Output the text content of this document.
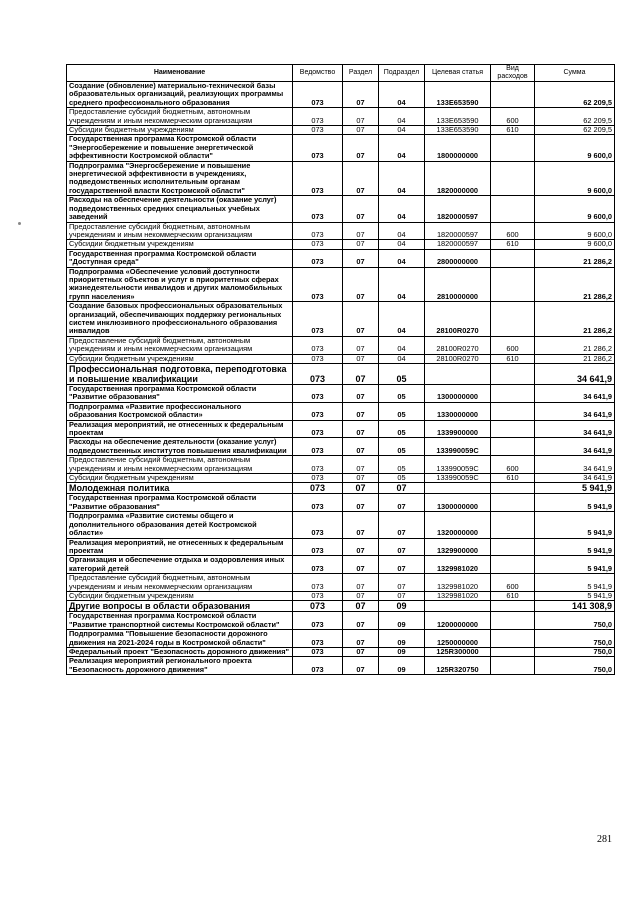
Наименование	Ведомство	Раздел	Подраздел	Целевая статья	Вид расходов	Сумма
Создание (обновление) материально-технической базы образовательных организаций, реализующих программы среднего профессионального образования	073	07	04	133E653590		62 209,5
Предоставление субсидий бюджетным, автономным учреждениям и иным некоммерческим организациям	073	07	04	133E653590	600	62 209,5
Субсидии бюджетным учреждениям	073	07	04	133E653590	610	62 209,5
Государственная программа Костромской области "Энергосбережение и повышение энергетической эффективности Костромской области"	073	07	04	1800000000		9 600,0
Подпрограмма "Энергосбережение и повышение энергетической эффективности в учреждениях, подведомственных исполнительным органам государственной власти Костромской области"	073	07	04	1820000000		9 600,0
Расходы на обеспечение деятельности (оказание услуг) подведомственных средних специальных учебных заведений	073	07	04	1820000597		9 600,0
Предоставление субсидий бюджетным, автономным учреждениям и иным некоммерческим организациям	073	07	04	1820000597	600	9 600,0
Субсидии бюджетным учреждениям	073	07	04	1820000597	610	9 600,0
Государственная программа Костромской области "Доступная среда"	073	07	04	2800000000		21 286,2
Подпрограмма «Обеспечение условий доступности приоритетных объектов и услуг в приоритетных сферах жизнедеятельности инвалидов и других маломобильных групп населения»	073	07	04	2810000000		21 286,2
Создание базовых профессиональных образовательных организаций, обеспечивающих поддержку региональных систем инклюзивного профессионального образования инвалидов	073	07	04	28100R0270		21 286,2
Предоставление субсидий бюджетным, автономным учреждениям и иным некоммерческим организациям	073	07	04	28100R0270	600	21 286,2
Субсидии бюджетным учреждениям	073	07	04	28100R0270	610	21 286,2
Профессиональная подготовка, переподготовка и повышение квалификации	073	07	05			34 641,9
Государственная программа Костромской области "Развитие образования"	073	07	05	1300000000		34 641,9
Подпрограмма «Развитие профессионального образования Костромской области»	073	07	05	1330000000		34 641,9
Реализация мероприятий, не отнесенных к федеральным проектам	073	07	05	1339900000		34 641,9
Расходы на обеспечение деятельности (оказание услуг) подведомственных институтов повышения квалификации	073	07	05	133990059С		34 641,9
Предоставление субсидий бюджетным, автономным учреждениям и иным некоммерческим организациям	073	07	05	133990059С	600	34 641,9
Субсидии бюджетным учреждениям	073	07	05	133990059С	610	34 641,9
Молодежная политика	073	07	07			5 941,9
Государственная программа Костромской области "Развитие образования"	073	07	07	1300000000		5 941,9
Подпрограмма «Развитие системы общего и дополнительного образования детей Костромской области»	073	07	07	1320000000		5 941,9
Реализация мероприятий, не отнесенных к федеральным проектам	073	07	07	1329900000		5 941,9
Организация и обеспечение отдыха и оздоровления иных категорий детей	073	07	07	1329981020		5 941,9
Предоставление субсидий бюджетным, автономным учреждениям и иным некоммерческим организациям	073	07	07	1329981020	600	5 941,9
Субсидии бюджетным учреждениям	073	07	07	1329981020	610	5 941,9
Другие вопросы в области образования	073	07	09			141 308,9
Государственная программа Костромской области "Развитие транспортной системы Костромской области"	073	07	09	1200000000		750,0
Подпрограмма "Повышение безопасности дорожного движения на 2021-2024 годы в Костромской области"	073	07	09	1250000000		750,0
Федеральный проект "Безопасность дорожного движения"	073	07	09	125R300000		750,0
Реализация мероприятий регионального проекта "Безопасность дорожного движения"	073	07	09	125R320750		750,0
281
